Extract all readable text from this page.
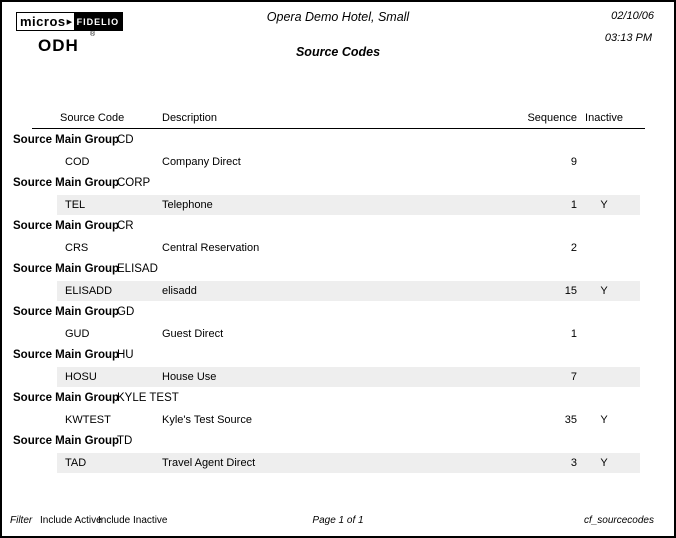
micros ▸ FIDELIO
®
ODH
Opera Demo Hotel, Small
Source Codes
02/10/06
03:13 PM
Source Code	Description	Sequence Inactive
Source Main Group
CD
COD	Company Direct	9
Source Main Group
CORP
TEL	Telephone	1	Y
Source Main Group
CR
CRS	Central Reservation	2
Source Main Group
ELISAD
ELISADD	elisadd	15	Y
Source Main Group
GD
GUD	Guest Direct	1
Source Main Group
HU
HOSU	House Use	7
Source Main Group
KYLE TEST
KWTEST	Kyle's Test Source	35	Y
Source Main Group
TD
TAD	Travel Agent Direct	3	Y
Filter Include Active
Include Inactive	Page 1 of 1	cf_sourcecodes
